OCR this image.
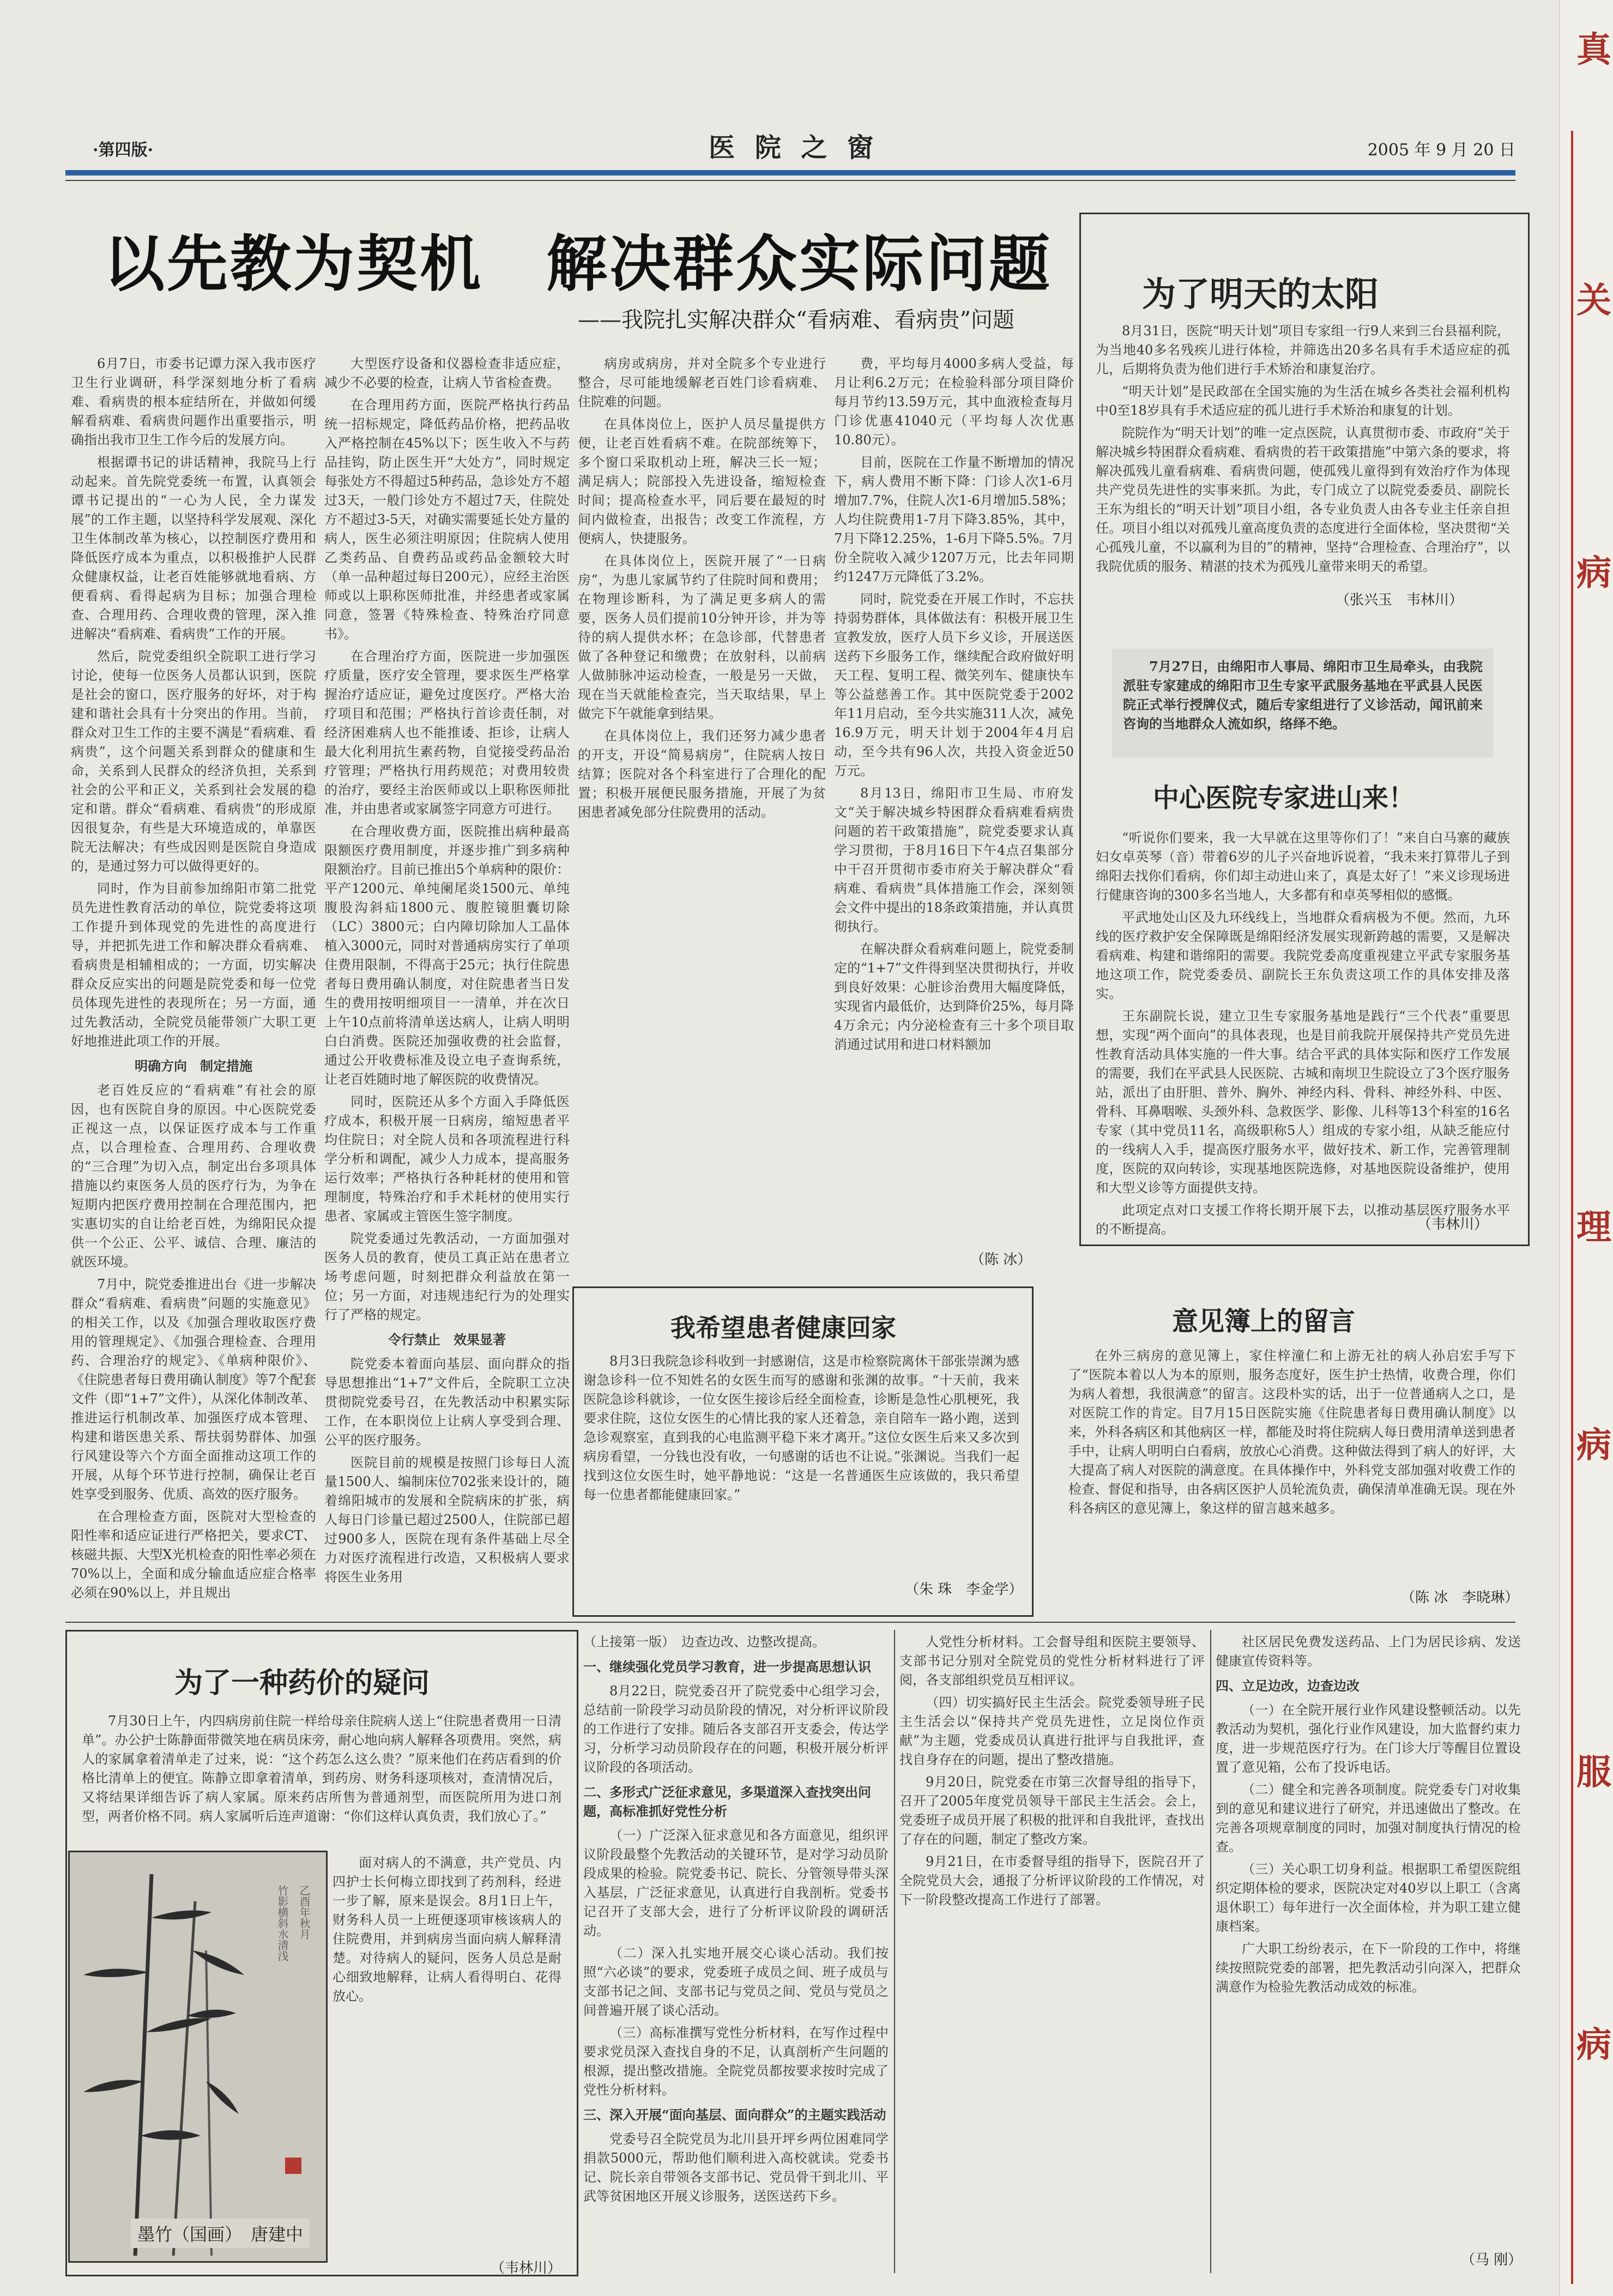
·第四版·	医 院 之 窗	2005 年 9 月 20 日
以先教为契机　解决群众实际问题
——我院扎实解决群众“看病难、看病贵”问题

6月7日，市委书记谭力深入我市医疗卫生行业调研，科学深刻地分析了看病难、看病贵的根本症结所在，并做如何缓解看病难、看病贵问题作出重要指示，明确指出我市卫生工作今后的发展方向。

根据谭书记的讲话精神，我院马上行动起来。首先院党委统一布置，认真领会谭书记提出的“一心为人民，全力谋发展”的工作主题，以坚持科学发展观、深化卫生体制改革为核心，以控制医疗费用和降低医疗成本为重点，以积极推护人民群众健康权益，让老百姓能够就地看病、方便看病、看得起病为目标；加强合理检查、合理用药、合理收费的管理，深入推进解决“看病难、看病贵”工作的开展。

然后，院党委组织全院职工进行学习讨论，使每一位医务人员都认识到，医院是社会的窗口，医疗服务的好坏，对于构建和谐社会具有十分突出的作用。当前，群众对卫生工作的主要不满是“看病难、看病贵”，这个问题关系到群众的健康和生命，关系到人民群众的经济负担，关系到社会的公平和正义，关系到社会发展的稳定和谐。群众“看病难、看病贵”的形成原因很复杂，有些是大环境造成的，单靠医院无法解决；有些成因则是医院自身造成的，是通过努力可以做得更好的。

同时，作为目前参加绵阳市第二批党员先进性教育活动的单位，院党委将这项工作提升到体现党的先进性的高度进行导，并把抓先进工作和解决群众看病难、看病贵是相辅相成的；一方面，切实解决群众反应实出的问题是院党委和每一位党员体现先进性的表现所在；另一方面，通过先教活动，全院党员能带领广大职工更好地推进此项工作的开展。

明确方向　制定措施

老百姓反应的“看病难”有社会的原因，也有医院自身的原因。中心医院党委正视这一点，以保证医疗成本与工作重点，以合理检查、合理用药、合理收费的“三合理”为切入点，制定出台多项具体措施以约束医务人员的医疗行为，为争在短期内把医疗费用控制在合理范围内，把实惠切实的自让给老百姓，为绵阳民众提供一个公正、公平、诚信、合理、廉洁的就医环境。

7月中，院党委推进出台《进一步解决群众“看病难、看病贵”问题的实施意见》的相关工作，以及《加强合理收取医疗费用的管理规定》、《加强合理检查、合理用药、合理治疗的规定》、《单病种限价》、《住院患者每日费用确认制度》等7个配套文件（即“1+7”文件），从深化体制改革、推进运行机制改革、加强医疗成本管理、构建和谐医患关系、帮扶弱势群体、加强行风建设等六个方面全面推动这项工作的开展，从每个环节进行控制，确保让老百姓享受到服务、优质、高效的医疗服务。

在合理检查方面，医院对大型检查的阳性率和适应证进行严格把关，要求CT、核磁共振、大型X光机检查的阳性率必须在70%以上，全面和成分输血适应症合格率必须在90%以上，并且规出

大型医疗设备和仪器检查非适应症，减少不必要的检查，让病人节省检查费。

在合理用药方面，医院严格执行药品统一招标规定，降低药品价格，把药品收入严格控制在45%以下；医生收入不与药品挂钩，防止医生开“大处方”，同时规定每张处方不得超过5种药品，急诊处方不超过3天，一般门诊处方不超过7天，住院处方不超过3-5天，对确实需要延长处方量的病人，医生必须注明原因；住院病人使用乙类药品、自费药品或药品金额较大时（单一品种超过每日200元），应经主治医师或以上职称医师批准，并经患者或家属同意，签署《特殊检查、特殊治疗同意书》。

在合理治疗方面，医院进一步加强医疗质量，医疗安全管理，要求医生严格掌握治疗适应证，避免过度医疗。严格大治疗项目和范围；严格执行首诊责任制，对经济困难病人也不能推诿、拒诊，让病人最大化利用抗生素药物，自觉接受药品治疗管理；严格执行用药规范；对费用较贵的治疗，要经主治医师或以上职称医师批准，并由患者或家属签字同意方可进行。

在合理收费方面，医院推出病种最高限额医疗费用制度，并逐步推广到多病种限额治疗。目前已推出5个单病种的限价：平产1200元、单纯阑尾炎1500元、单纯腹股沟斜疝1800元、腹腔镜胆囊切除（LC）3800元；白内障切除加人工晶体植入3000元，同时对普通病房实行了单项住费用限制，不得高于25元；执行住院患者每日费用确认制度，对住院患者当日发生的费用按明细项目一一清单，并在次日上午10点前将清单送达病人，让病人明明白白消费。医院还加强收费的社会监督，通过公开收费标准及设立电子查询系统，让老百姓随时地了解医院的收费情况。

同时，医院还从多个方面入手降低医疗成本，积极开展一日病房，缩短患者平均住院日；对全院人员和各项流程进行科学分析和调配，减少人力成本，提高服务运行效率；严格执行各种耗材的使用和管理制度，特殊治疗和手术耗材的使用实行患者、家属或主管医生签字制度。

院党委通过先教活动，一方面加强对医务人员的教育，使员工真正站在患者立场考虑问题，时刻把群众利益放在第一位；另一方面，对违规违纪行为的处理实行了严格的规定。

令行禁止　效果显著

院党委本着面向基层、面向群众的指导思想推出“1+7”文件后，全院职工立决贯彻院党委号召，在先教活动中积累实际工作，在本职岗位上让病人享受到合理、公平的医疗服务。

医院目前的规模是按照门诊每日人流量1500人、编制床位702张来设计的，随着绵阳城市的发展和全院病床的扩张，病人每日门诊量已超过2500人，住院部已超过900多人，医院在现有条件基础上尽全力对医疗流程进行改造，又积极病人要求将医生业务用

病房或病房，并对全院多个专业进行整合，尽可能地缓解老百姓门诊看病难、住院难的问题。

在具体岗位上，医护人员尽量提供方便，让老百姓看病不难。在院部统筹下，多个窗口采取机动上班，解决三长一短；满足病人；院部投入先进设备，缩短检查时间；提高检查水平，同后要在最短的时间内做检查，出报告；改变工作流程，方便病人，快捷服务。

在具体岗位上，医院开展了“一日病房”，为患儿家属节约了住院时间和费用；在物理诊断科，为了满足更多病人的需要，医务人员们提前10分钟开诊，并为等待的病人提供水杯；在急诊部，代替患者做了各种登记和缴费；在放射科，以前病人做肺脉冲运动检查，一般是另一天做，现在当天就能检查完，当天取结果，早上做完下午就能拿到结果。

在具体岗位上，我们还努力减少患者的开支，开设“简易病房”，住院病人按日结算；医院对各个科室进行了合理化的配置；积极开展便民服务措施，开展了为贫困患者减免部分住院费用的活动。

费，平均每月4000多病人受益，每月让利6.2万元；在检验科部分项目降价每月节约13.59万元，其中血液检查每月门诊优惠41040元（平均每人次优惠10.80元）。

目前，医院在工作量不断增加的情况下，病人费用不断下降：门诊人次1-6月增加7.7%，住院人次1-6月增加5.58%；人均住院费用1-7月下降3.85%，其中，7月下降12.25%，1-6月下降5.5%。7月份全院收入减少1207万元，比去年同期约1247万元降低了3.2%。

同时，院党委在开展工作时，不忘扶持弱势群体，具体做法有：积极开展卫生宣教发放，医疗人员下乡义诊，开展送医送药下乡服务工作，继续配合政府做好明天工程、复明工程、微笑列车、健康快车等公益慈善工作。其中医院党委于2002年11月启动，至今共实施311人次，减免16.9万元，明天计划于2004年4月启动，至今共有96人次，共投入资金近50万元。

8月13日，绵阳市卫生局、市府发文“关于解决城乡特困群众看病难看病贵问题的若干政策措施”，院党委要求认真学习贯彻，于8月16日下午4点召集部分中干召开贯彻市委市府关于解决群众“看病难、看病贵”具体措施工作会，深刻领会文件中提出的18条政策措施，并认真贯彻执行。

在解决群众看病难问题上，院党委制定的“1+7”文件得到坚决贯彻执行，并收到良好效果：心脏诊治费用大幅度降低，实现省内最低价，达到降价25%，每月降4万余元；内分泌检查有三十多个项目取消通过试用和进口材料额加

（陈 冰）
为了明天的太阳

8月31日，医院“明天计划”项目专家组一行9人来到三台县福利院，为当地40多名残疾儿进行体检，并筛选出20多名具有手术适应症的孤儿，后期将负责为他们进行手术矫治和康复治疗。

“明天计划”是民政部在全国实施的为生活在城乡各类社会福利机构中0至18岁具有手术适应症的孤儿进行手术矫治和康复的计划。

院院作为“明天计划”的唯一定点医院，认真贯彻市委、市政府“关于解决城乡特困群众看病难、看病贵的若干政策措施”中第六条的要求，将解决孤残儿童看病难、看病贵问题，使孤残儿童得到有效治疗作为体现共产党员先进性的实事来抓。为此，专门成立了以院党委委员、副院长王东为组长的“明天计划”项目小组，各专业负责人由各专业主任亲自担任。项目小组以对孤残儿童高度负责的态度进行全面体检，坚决贯彻“关心孤残儿童，不以赢利为目的”的精神，坚持“合理检查、合理治疗”，以我院优质的服务、精湛的技术为孤残儿童带来明天的希望。

（张兴玉　韦林川）

7月27日，由绵阳市人事局、绵阳市卫生局牵头，由我院派驻专家建成的绵阳市卫生专家平武服务基地在平武县人民医院正式举行授牌仪式，随后专家组进行了义诊活动，闻讯前来咨询的当地群众人流如织，络绎不绝。

中心医院专家进山来！

“听说你们要来，我一大早就在这里等你们了！”来自白马寨的藏族妇女卓英琴（音）带着6岁的儿子兴奋地诉说着，“我未来打算带儿子到绵阳去找你们看病，你们却主动进山来了，真是太好了！”来义诊现场进行健康咨询的300多名当地人，大多都有和卓英琴相似的感慨。

平武地处山区及九环线线上，当地群众看病极为不便。然而，九环线的医疗救护安全保障既是绵阳经济发展实现新跨越的需要，又是解决看病难、构建和谐绵阳的需要。我院党委高度重视建立平武专家服务基地这项工作，院党委委员、副院长王东负责这项工作的具体安排及落实。

王东副院长说，建立卫生专家服务基地是践行“三个代表”重要思想，实现“两个面向”的具体表现，也是目前我院开展保持共产党员先进性教育活动具体实施的一件大事。结合平武的具体实际和医疗工作发展的需要，我们在平武县人民医院、古城和南坝卫生院设立了3个医疗服务站，派出了由肝胆、普外、胸外、神经内科、骨科、神经外科、中医、骨科、耳鼻咽喉、头颈外科、急救医学、影像、儿科等13个科室的16名专家（其中党员11名，高级职称5人）组成的专家小组，从缺乏能应付的一线病人入手，提高医疗服务水平，做好技术、新工作，完善管理制度，医院的双向转诊，实现基地医院选修，对基地医院设备维护，使用和大型义诊等方面提供支持。

此项定点对口支援工作将长期开展下去，以推动基层医疗服务水平的不断提高。	（韦林川）
我希望患者健康回家

8月3日我院急诊科收到一封感谢信，这是市检察院离休干部张崇渊为感谢急诊科一位不知姓名的女医生而写的感谢和张渊的故事。“十天前，我来医院急诊科就诊，一位女医生接诊后经全面检查，诊断是急性心肌梗死，我要求住院，这位女医生的心情比我的家人还着急，亲自陪车一路小跑，送到急诊观察室，直到我的心电监测平稳下来才离开。”这位女医生后来又多次到病房看望，一分钱也没有收，一句感谢的话也不让说。”张渊说。当我们一起找到这位女医生时，她平静地说：“这是一名普通医生应该做的，我只希望每一位患者都能健康回家。”

（朱 珠　李金学）
意见簿上的留言

在外三病房的意见簿上，家住梓潼仁和上游无社的病人孙启宏手写下了“医院本着以人为本的原则，服务态度好，医生护士热情，收费合理，你们为病人着想，我很满意”的留言。这段朴实的话，出于一位普通病人之口，是对医院工作的肯定。目7月15日医院实施《住院患者每日费用确认制度》以来，外科各病区和其他病区一样，都能及时将住院病人每日费用清单送到患者手中，让病人明明白白看病，放放心心消费。这种做法得到了病人的好评，大大提高了病人对医院的满意度。在具体操作中，外科党支部加强对收费工作的检查、督促和指导，由各病区医护人员轮流负责，确保清单准确无误。现在外科各病区的意见簿上，象这样的留言越来越多。

（陈 冰　李晓琳）
为了一种药价的疑问

7月30日上午，内四病房前住院一样给母亲住院病人送上“住院患者费用一日清单”。办公护士陈静面带微笑地在病员床旁，耐心地向病人解释各项费用。突然，病人的家属拿着清单走了过来，说：“这个药怎么这么贵？”原来他们在药店看到的价格比清单上的便宜。陈静立即拿着清单，到药房、财务科逐项核对，查清情况后，又将结果详细告诉了病人家属。原来药店所售为普通剂型，而医院所用为进口剂型，两者价格不同。病人家属听后连声道谢：“你们这样认真负责，我们放心了。”

面对病人的不满意，共产党员、内四护士长何梅立即找到了药剂科，经进一步了解，原来是误会。8月1日上午，财务科人员一上班便逐项审核该病人的住院费用，并到病房当面向病人解释清楚。对待病人的疑问，医务人员总是耐心细致地解释，让病人看得明白、花得放心。

（韦林川）
竹影横斜水清浅 乙酉年秋月
墨竹（国画）　唐建中

（上接第一版）　边查边改、边整改提高。

一、继续强化党员学习教育，进一步提高思想认识

8月22日，院党委召开了院党委中心组学习会，总结前一阶段学习动员阶段的情况，对分析评议阶段的工作进行了安排。随后各支部召开支委会，传达学习，分析学习动员阶段存在的问题，积极开展分析评议阶段的各项活动。

二、多形式广泛征求意见，多渠道深入查找突出问题，高标准抓好党性分析

（一）广泛深入征求意见和各方面意见，组织评议阶段最整个先教活动的关键环节，是对学习动员阶段成果的检验。院党委书记、院长、分管领导带头深入基层，广泛征求意见，认真进行自我剖析。党委书记召开了支部大会，进行了分析评议阶段的调研活动。

（二）深入扎实地开展交心谈心活动。我们按照“六必谈”的要求，党委班子成员之间、班子成员与支部书记之间、支部书记与党员之间、党员与党员之间普遍开展了谈心活动。

（三）高标准撰写党性分析材料，在写作过程中要求党员深入查找自身的不足，认真剖析产生问题的根源，提出整改措施。全院党员都按要求按时完成了党性分析材料。

三、深入开展“面向基层、面向群众”的主题实践活动

党委号召全院党员为北川县开坪乡两位困难同学捐款5000元，帮助他们顺利进入高校就读。党委书记、院长亲自带领各支部书记、党员骨干到北川、平武等贫困地区开展义诊服务，送医送药下乡。

人党性分析材料。工会督导组和医院主要领导、支部书记分别对全院党员的党性分析材料进行了评阅，各支部组织党员互相评议。

（四）切实搞好民主生活会。院党委领导班子民主生活会以“保持共产党员先进性，立足岗位作贡献”为主题，党委成员认真进行批评与自我批评，查找自身存在的问题，提出了整改措施。

9月20日，院党委在市第三次督导组的指导下，召开了2005年度党员领导干部民主生活会。会上，党委班子成员开展了积极的批评和自我批评，查找出了存在的问题，制定了整改方案。

9月21日，在市委督导组的指导下，医院召开了全院党员大会，通报了分析评议阶段的工作情况，对下一阶段整改提高工作进行了部署。

社区居民免费发送药品、上门为居民诊病、发送健康宣传资料等。

四、立足边改，边查边改

（一）在全院开展行业作风建设整顿活动。以先教活动为契机，强化行业作风建设，加大监督约束力度，进一步规范医疗行为。在门诊大厅等醒目位置设置了意见箱，公布了投诉电话。

（二）健全和完善各项制度。院党委专门对收集到的意见和建议进行了研究，并迅速做出了整改。在完善各项规章制度的同时，加强对制度执行情况的检查。

（三）关心职工切身利益。根据职工希望医院组织定期体检的要求，医院决定对40岁以上职工（含离退休职工）每年进行一次全面体检，并为职工建立健康档案。

广大职工纷纷表示，在下一阶段的工作中，将继续按照院党委的部署，把先教活动引向深入，把群众满意作为检验先教活动成效的标准。

（马 刚）
真
关
病
理
病
服
病
